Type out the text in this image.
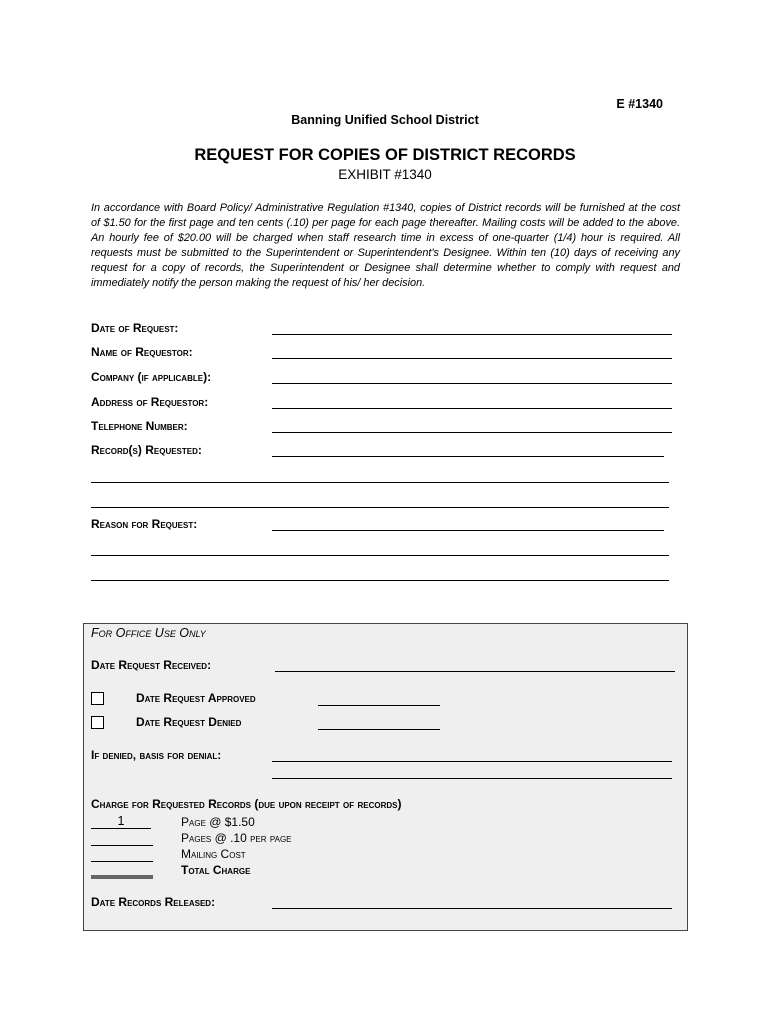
E #1340
Banning Unified School District
REQUEST FOR COPIES OF DISTRICT RECORDS
EXHIBIT #1340
In accordance with Board Policy/ Administrative Regulation #1340, copies of District records will be furnished at the cost of $1.50 for the first page and ten cents (.10) per page for each page thereafter. Mailing costs will be added to the above. An hourly fee of $20.00 will be charged when staff research time in excess of one-quarter (1/4) hour is required. All requests must be submitted to the Superintendent or Superintendent's Designee. Within ten (10) days of receiving any request for a copy of records, the Superintendent or Designee shall determine whether to comply with request and immediately notify the person making the request of his/ her decision.
Date of Request:
Name of Requestor:
Company (if applicable):
Address of Requestor:
Telephone Number:
Record(s) Requested:
Reason for Request:
For Office Use Only
Date Request Received:
Date Request Approved
Date Request Denied
If denied, basis for denial:
Charge for Requested Records (due upon receipt of records)
1	Page @ $1.50
Pages @ .10 per page
Mailing Cost
Total Charge
Date Records Released:
